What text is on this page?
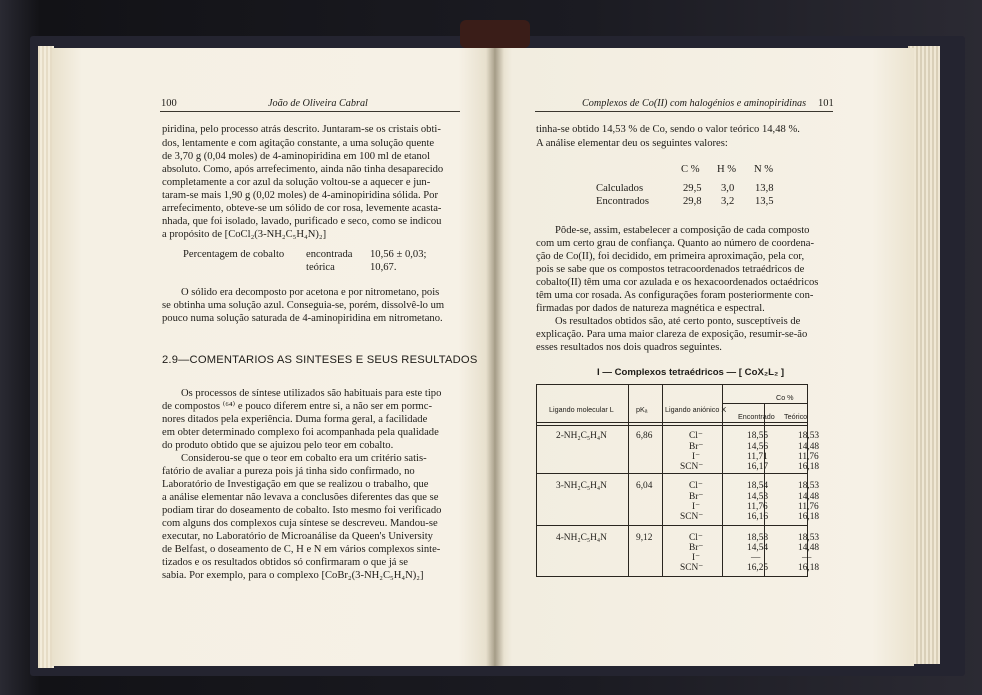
100	João de Oliveira Cabral
piridina, pelo processo atrás descrito. Juntaram-se os cristais obti-
dos, lentamente e com agitação constante, a uma solução quente
de 3,70 g (0,04 moles) de 4-aminopiridina em 100 ml de etanol
absoluto. Como, após arrefecimento, ainda não tinha desaparecido
completamente a cor azul da solução voltou-se a aquecer e jun-
taram-se mais 1,90 g (0,02 moles) de 4-aminopiridina sólida. Por
arrefecimento, obteve-se um sólido de cor rosa, levemente acasta-
nhada, que foi isolado, lavado, purificado e seco, como se indicou
a propósito de [CoCl₂(3-NH₂C₅H₄N)₂]
Percentagem de cobalto encontrada 10,56 ± 0,03;
teórica	10,67.
O sólido era decomposto por acetona e por nitrometano, pois
se obtinha uma solução azul. Conseguia-se, porém, dissolvê-lo um
pouco numa solução saturada de 4-aminopiridina em nitrometano.
2.9—COMENTARIOS AS SINTESES E SEUS RESULTADOS
Os processos de síntese utilizados são habituais para este tipo
de compostos ⁽⁶⁴⁾ e pouco diferem entre si, a não ser em pormc-
nores ditados pela experiência. Duma forma geral, a facilidade
em obter determinado complexo foi acompanhada pela qualidade
do produto obtido que se ajuizou pelo teor em cobalto.
Considerou-se que o teor em cobalto era um critério satis-
fatório de avaliar a pureza pois já tinha sido confirmado, no
Laboratório de Investigação em que se realizou o trabalho, que
a análise elementar não levava a conclusões diferentes das que se
podiam tirar do doseamento de cobalto. Isto mesmo foi verificado
com alguns dos complexos cuja síntese se descreveu. Mandou-se
executar, no Laboratório de Microanálise da Queen's University
de Belfast, o doseamento de C, H e N em vários complexos sinte-
tizados e os resultados obtidos só confirmaram o que já se
sabia. Por exemplo, para o complexo [CoBr₂(3-NH₂C₅H₄N)₂]
Complexos de Co(II) com halogénios e aminopiridinas 101
tinha-se obtido 14,53 % de Co, sendo o valor teórico 14,48 %.
A análise elementar deu os seguintes valores:
C % H % N %
Calculados	29,5 3,0 13,8
Encontrados	29,8 3,2 13,5
Pôde-se, assim, estabelecer a composição de cada composto
com um certo grau de confiança. Quanto ao número de coordena-
ção de Co(II), foi decidido, em primeira aproximação, pela cor,
pois se sabe que os compostos tetracoordenados tetraédricos de
cobalto(II) têm uma cor azulada e os hexacoordenados octaédricos
têm uma cor rosada. As configurações foram posteriormente con-
firmadas por dados de natureza magnética e espectral.
Os resultados obtidos são, até certo ponto, susceptíveis de
explicação. Para uma maior clareza de exposição, resumir-se-ão
esses resultados nos dois quadros seguintes.
I — Complexos tetraédricos — [ CoX₂L₂ ]
Ligando molecular L	pKₐ Ligando aniónico X
Co %
Encontrado Teórico
2-NH₂C₅H₄N	6,86	Cl⁻	18,55	18,53
Br⁻	14,56	14,48
I⁻	11,71	11,76
SCN⁻	16,17	16,18
3-NH₂C₅H₄N	6,04	Cl⁻	18,54	18,53
Br⁻	14,53	14,48
I⁻	11,76	11,76
SCN⁻	16,16	16,18
4-NH₂C₅H₄N	9,12	Cl⁻	18,58	18,53
Br⁻	14,54	14,48
I⁻	—	—
SCN⁻	16,25	16,18
